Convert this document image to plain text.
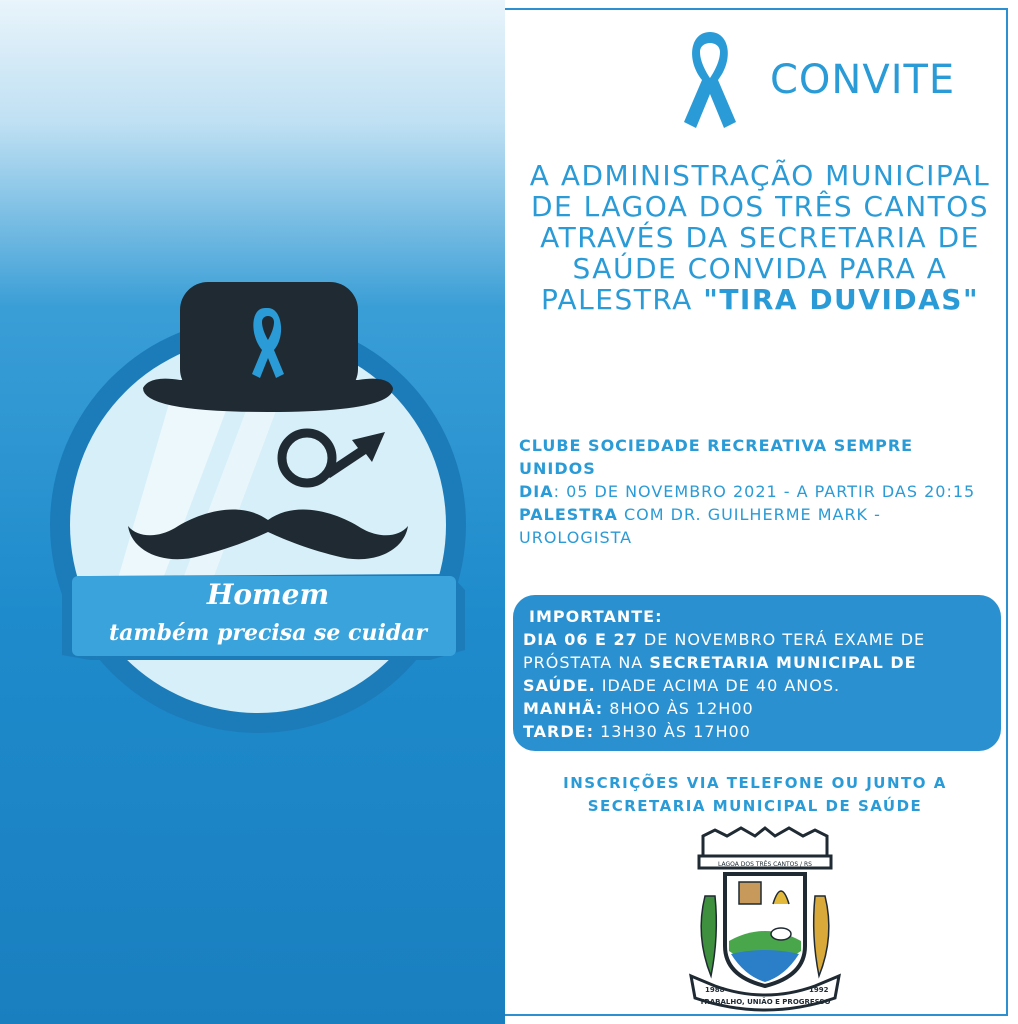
Homem
também precisa se cuidar
CONVITE
A ADMINISTRAÇÃO MUNICIPAL DE LAGOA DOS TRÊS CANTOS ATRAVÉS DA SECRETARIA DE SAÚDE CONVIDA PARA A PALESTRA "TIRA DUVIDAS"
CLUBE SOCIEDADE RECREATIVA SEMPRE UNIDOS
DIA: 05 DE NOVEMBRO 2021 - A PARTIR DAS 20:15
PALESTRA COM DR. GUILHERME MARK - UROLOGISTA
IMPORTANTE:
DIA 06 E 27 DE NOVEMBRO TERÁ EXAME DE PRÓSTATA NA SECRETARIA MUNICIPAL DE SAÚDE. IDADE ACIMA DE 40 ANOS.
MANHÃ: 8HOO ÀS 12H00
TARDE: 13H30 ÀS 17H00
INSCRIÇÕES VIA TELEFONE OU JUNTO A SECRETARIA MUNICIPAL DE SAÚDE
LAGOA DOS TRÊS CANTOS / RS
1988
TRABALHO, UNIÃO E PROGRESSO
1992
